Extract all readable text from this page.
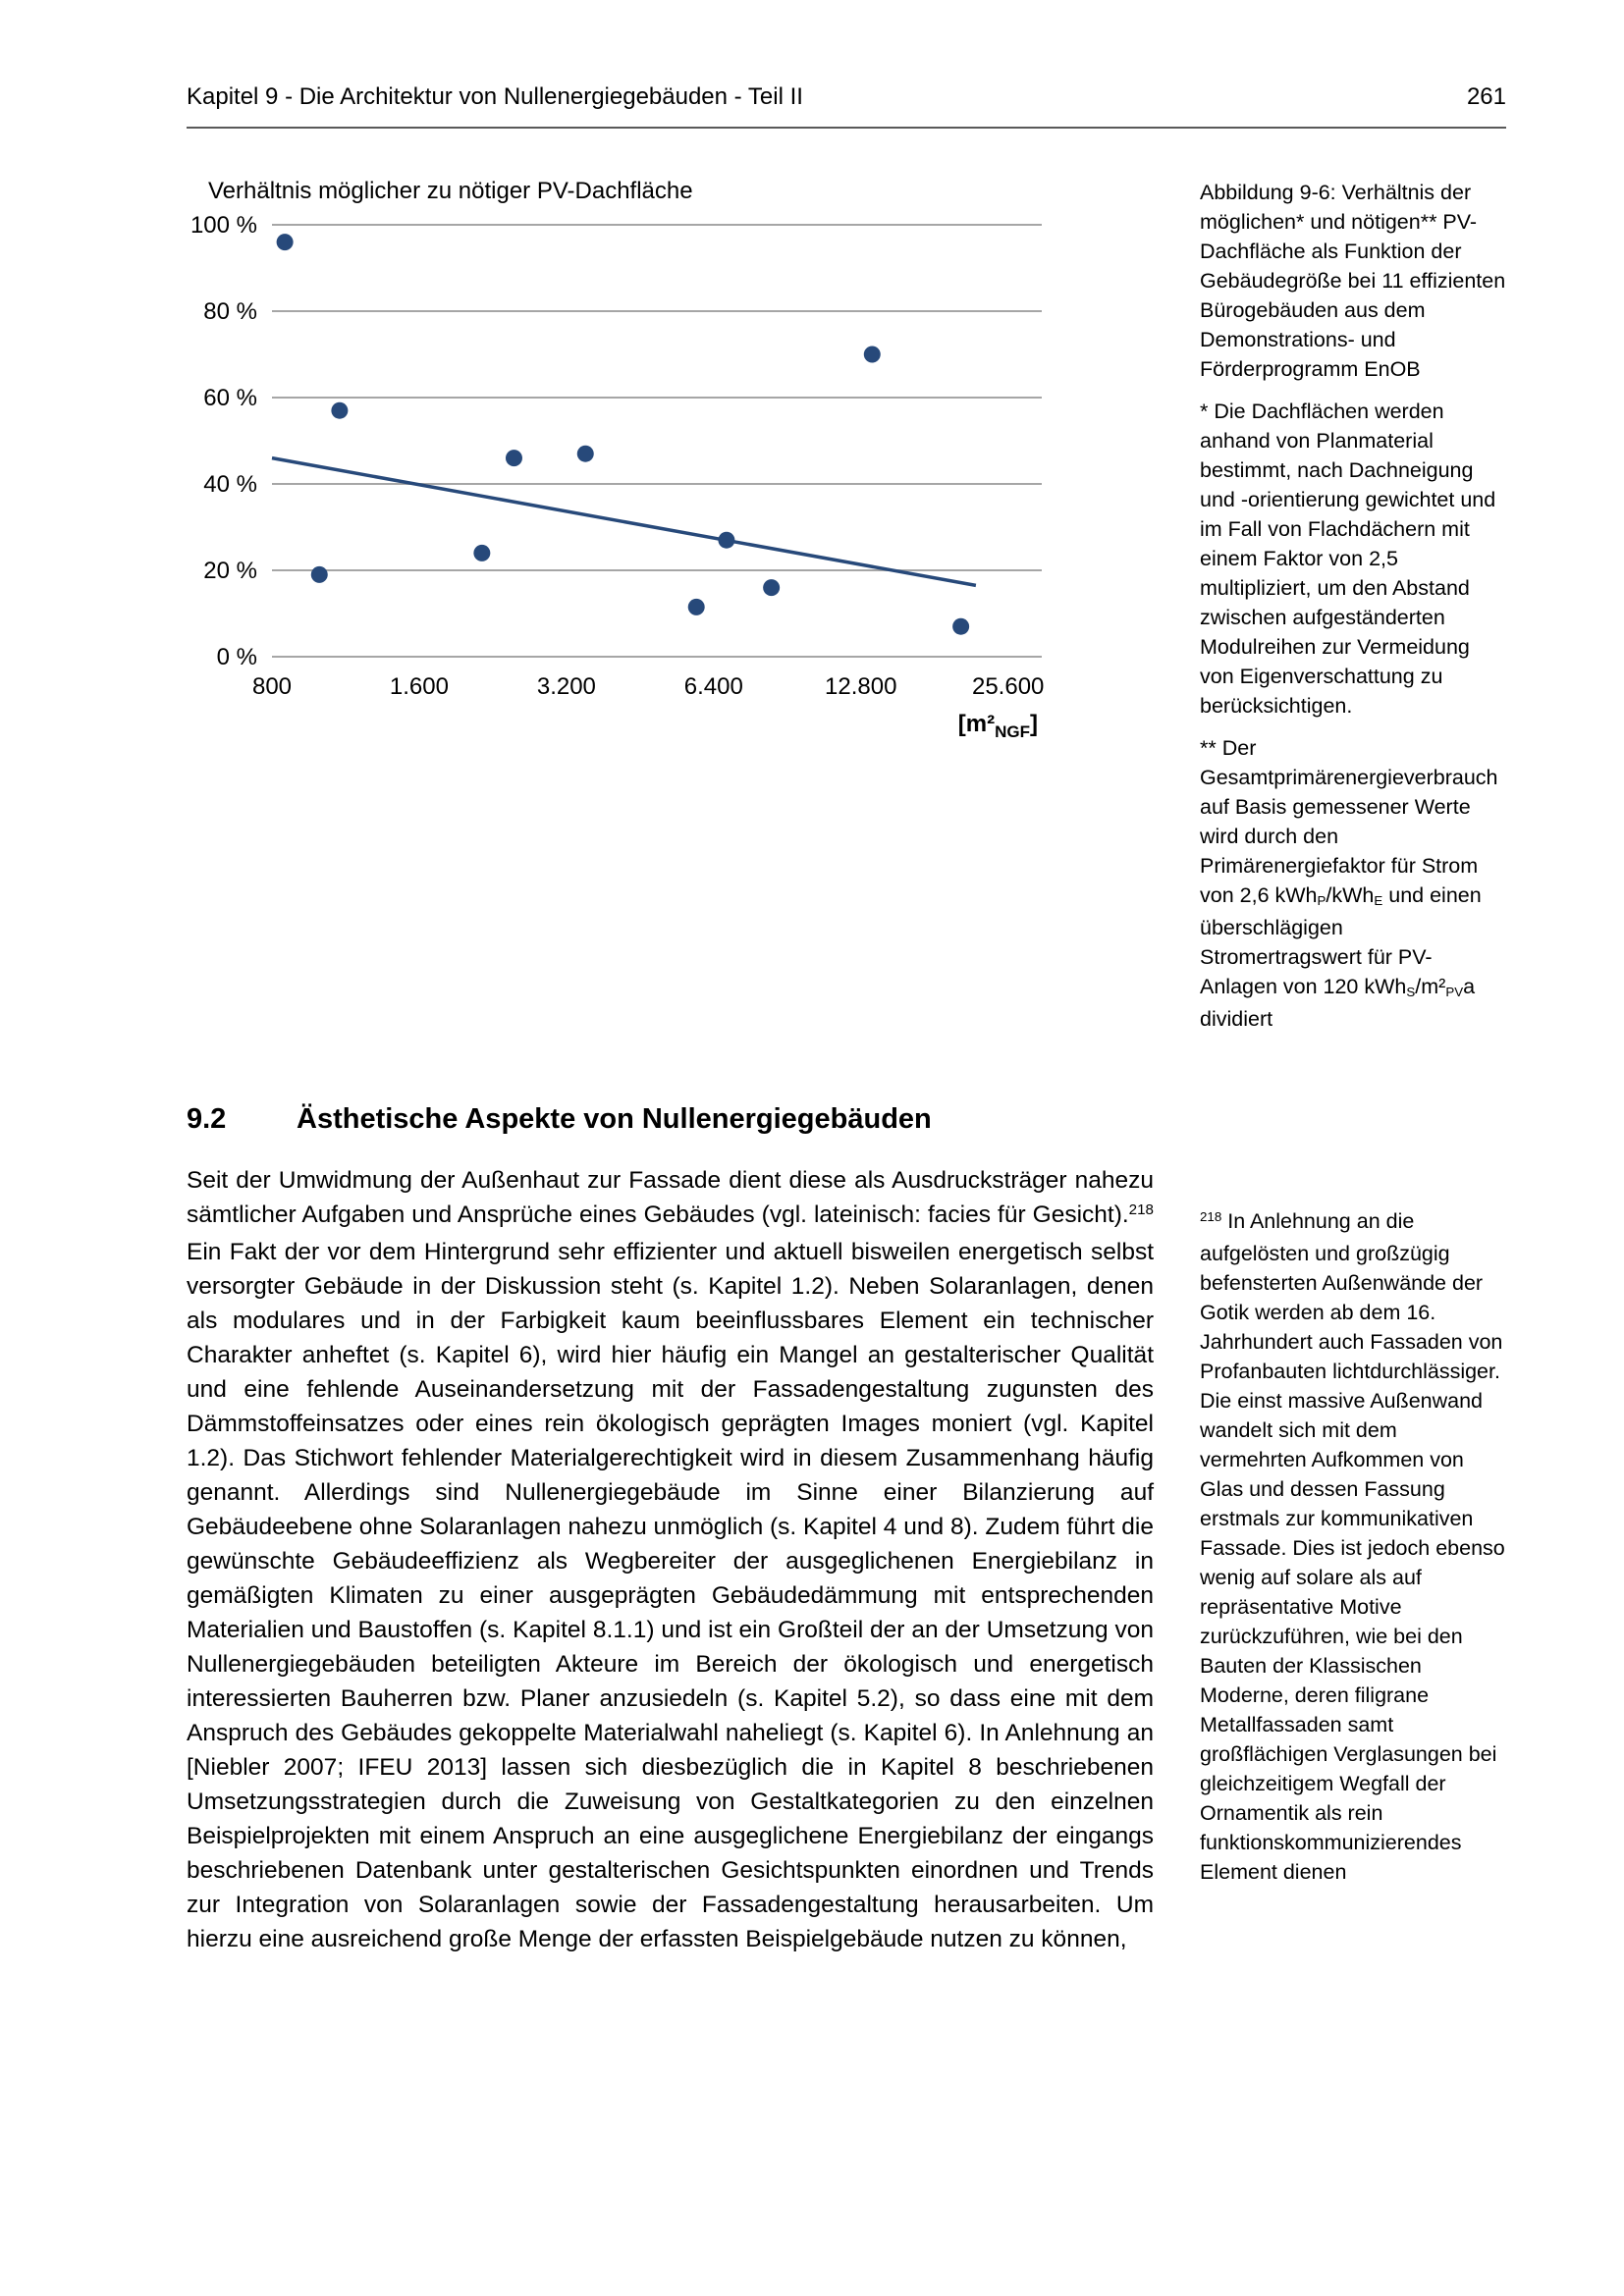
Kapitel 9 - Die Architektur von Nullenergiegebäuden - Teil II	261
Verhältnis möglicher zu nötiger PV-Dachfläche
0 %
20 %
40 %
60 %
80 %
100 %
800	1.600	3.200	6.400	12.800	25.600
$[m^2_{NGF}]$

Abbildung 9-6: Verhältnis der möglichen* und nötigen** PV-Dachfläche als Funktion der Gebäudegröße bei 11 effizienten Bürogebäuden aus dem Demonstrations- und Förderprogramm EnOB

* Die Dachflächen werden anhand von Planmaterial bestimmt, nach Dachneigung und -orientierung gewichtet und im Fall von Flachdächern mit einem Faktor von 2,5 multipliziert, um den Abstand zwischen aufgeständerten Modulreihen zur Vermeidung von Eigenverschattung zu berücksichtigen.

** Der Gesamtprimärenergieverbrauch auf Basis gemessener Werte wird durch den Primärenergiefaktor für Strom von 2,6 kWh$_P$/kWh$_E$ und einen überschlägigen Stromertragswert für PV-Anlagen von 120 $kWh_S/m^2_{PV}a$ dividiert

9.2	Ästhetische Aspekte von Nullenergiegebäuden

Seit der Umwidmung der Außenhaut zur Fassade dient diese als Ausdrucksträger nahezu sämtlicher Aufgaben und Ansprüche eines Gebäudes (vgl. lateinisch: facies für Gesicht).$^{218}$ Ein Fakt der vor dem Hintergrund sehr effizienter und aktuell bisweilen energetisch selbst versorgter Gebäude in der Diskussion steht (s. Kapitel 1.2). Neben Solaranlagen, denen als modulares und in der Farbigkeit kaum beeinflussbares Element ein technischer Charakter anheftet (s. Kapitel 6), wird hier häufig ein Mangel an gestalterischer Qualität und eine fehlende Auseinandersetzung mit der Fassadengestaltung zugunsten des Dämmstoffeinsatzes oder eines rein ökologisch geprägten Images moniert (vgl. Kapitel 1.2). Das Stichwort fehlender Materialgerechtigkeit wird in diesem Zusammenhang häufig genannt. Allerdings sind Nullenergiegebäude im Sinne einer Bilanzierung auf Gebäudeebene ohne Solaranlagen nahezu unmöglich (s. Kapitel 4 und 8). Zudem führt die gewünschte Gebäudeeffizienz als Wegbereiter der ausgeglichenen Energiebilanz in gemäßigten Klimaten zu einer ausgeprägten Gebäudedämmung mit entsprechenden Materialien und Baustoffen (s. Kapitel 8.1.1) und ist ein Großteil der an der Umsetzung von Nullenergiegebäuden beteiligten Akteure im Bereich der ökologisch und energetisch interessierten Bauherren bzw. Planer anzusiedeln (s. Kapitel 5.2), so dass eine mit dem Anspruch des Gebäudes gekoppelte Materialwahl naheliegt (s. Kapitel 6). In Anlehnung an [Niebler 2007; IFEU 2013] lassen sich diesbezüglich die in Kapitel 8 beschriebenen Umsetzungsstrategien durch die Zuweisung von Gestaltkategorien zu den einzelnen Beispielprojekten mit einem Anspruch an eine ausgeglichene Energiebilanz der eingangs beschriebenen Datenbank unter gestalterischen Gesichtspunkten einordnen und Trends zur Integration von Solaranlagen sowie der Fassadengestaltung herausarbeiten. Um hierzu eine ausreichend große Menge der erfassten Beispielgebäude nutzen zu können,

$^{218}$ In Anlehnung an die aufgelösten und großzügig befensterten Außenwände der Gotik werden ab dem 16. Jahrhundert auch Fassaden von Profanbauten lichtdurchlässiger. Die einst massive Außenwand wandelt sich mit dem vermehrten Aufkommen von Glas und dessen Fassung erstmals zur kommunikativen Fassade. Dies ist jedoch ebenso wenig auf solare als auf repräsentative Motive zurückzuführen, wie bei den Bauten der Klassischen Moderne, deren filigrane Metallfassaden samt großflächigen Verglasungen bei gleichzeitigem Wegfall der Ornamentik als rein funktionskommunizierendes Element dienen
